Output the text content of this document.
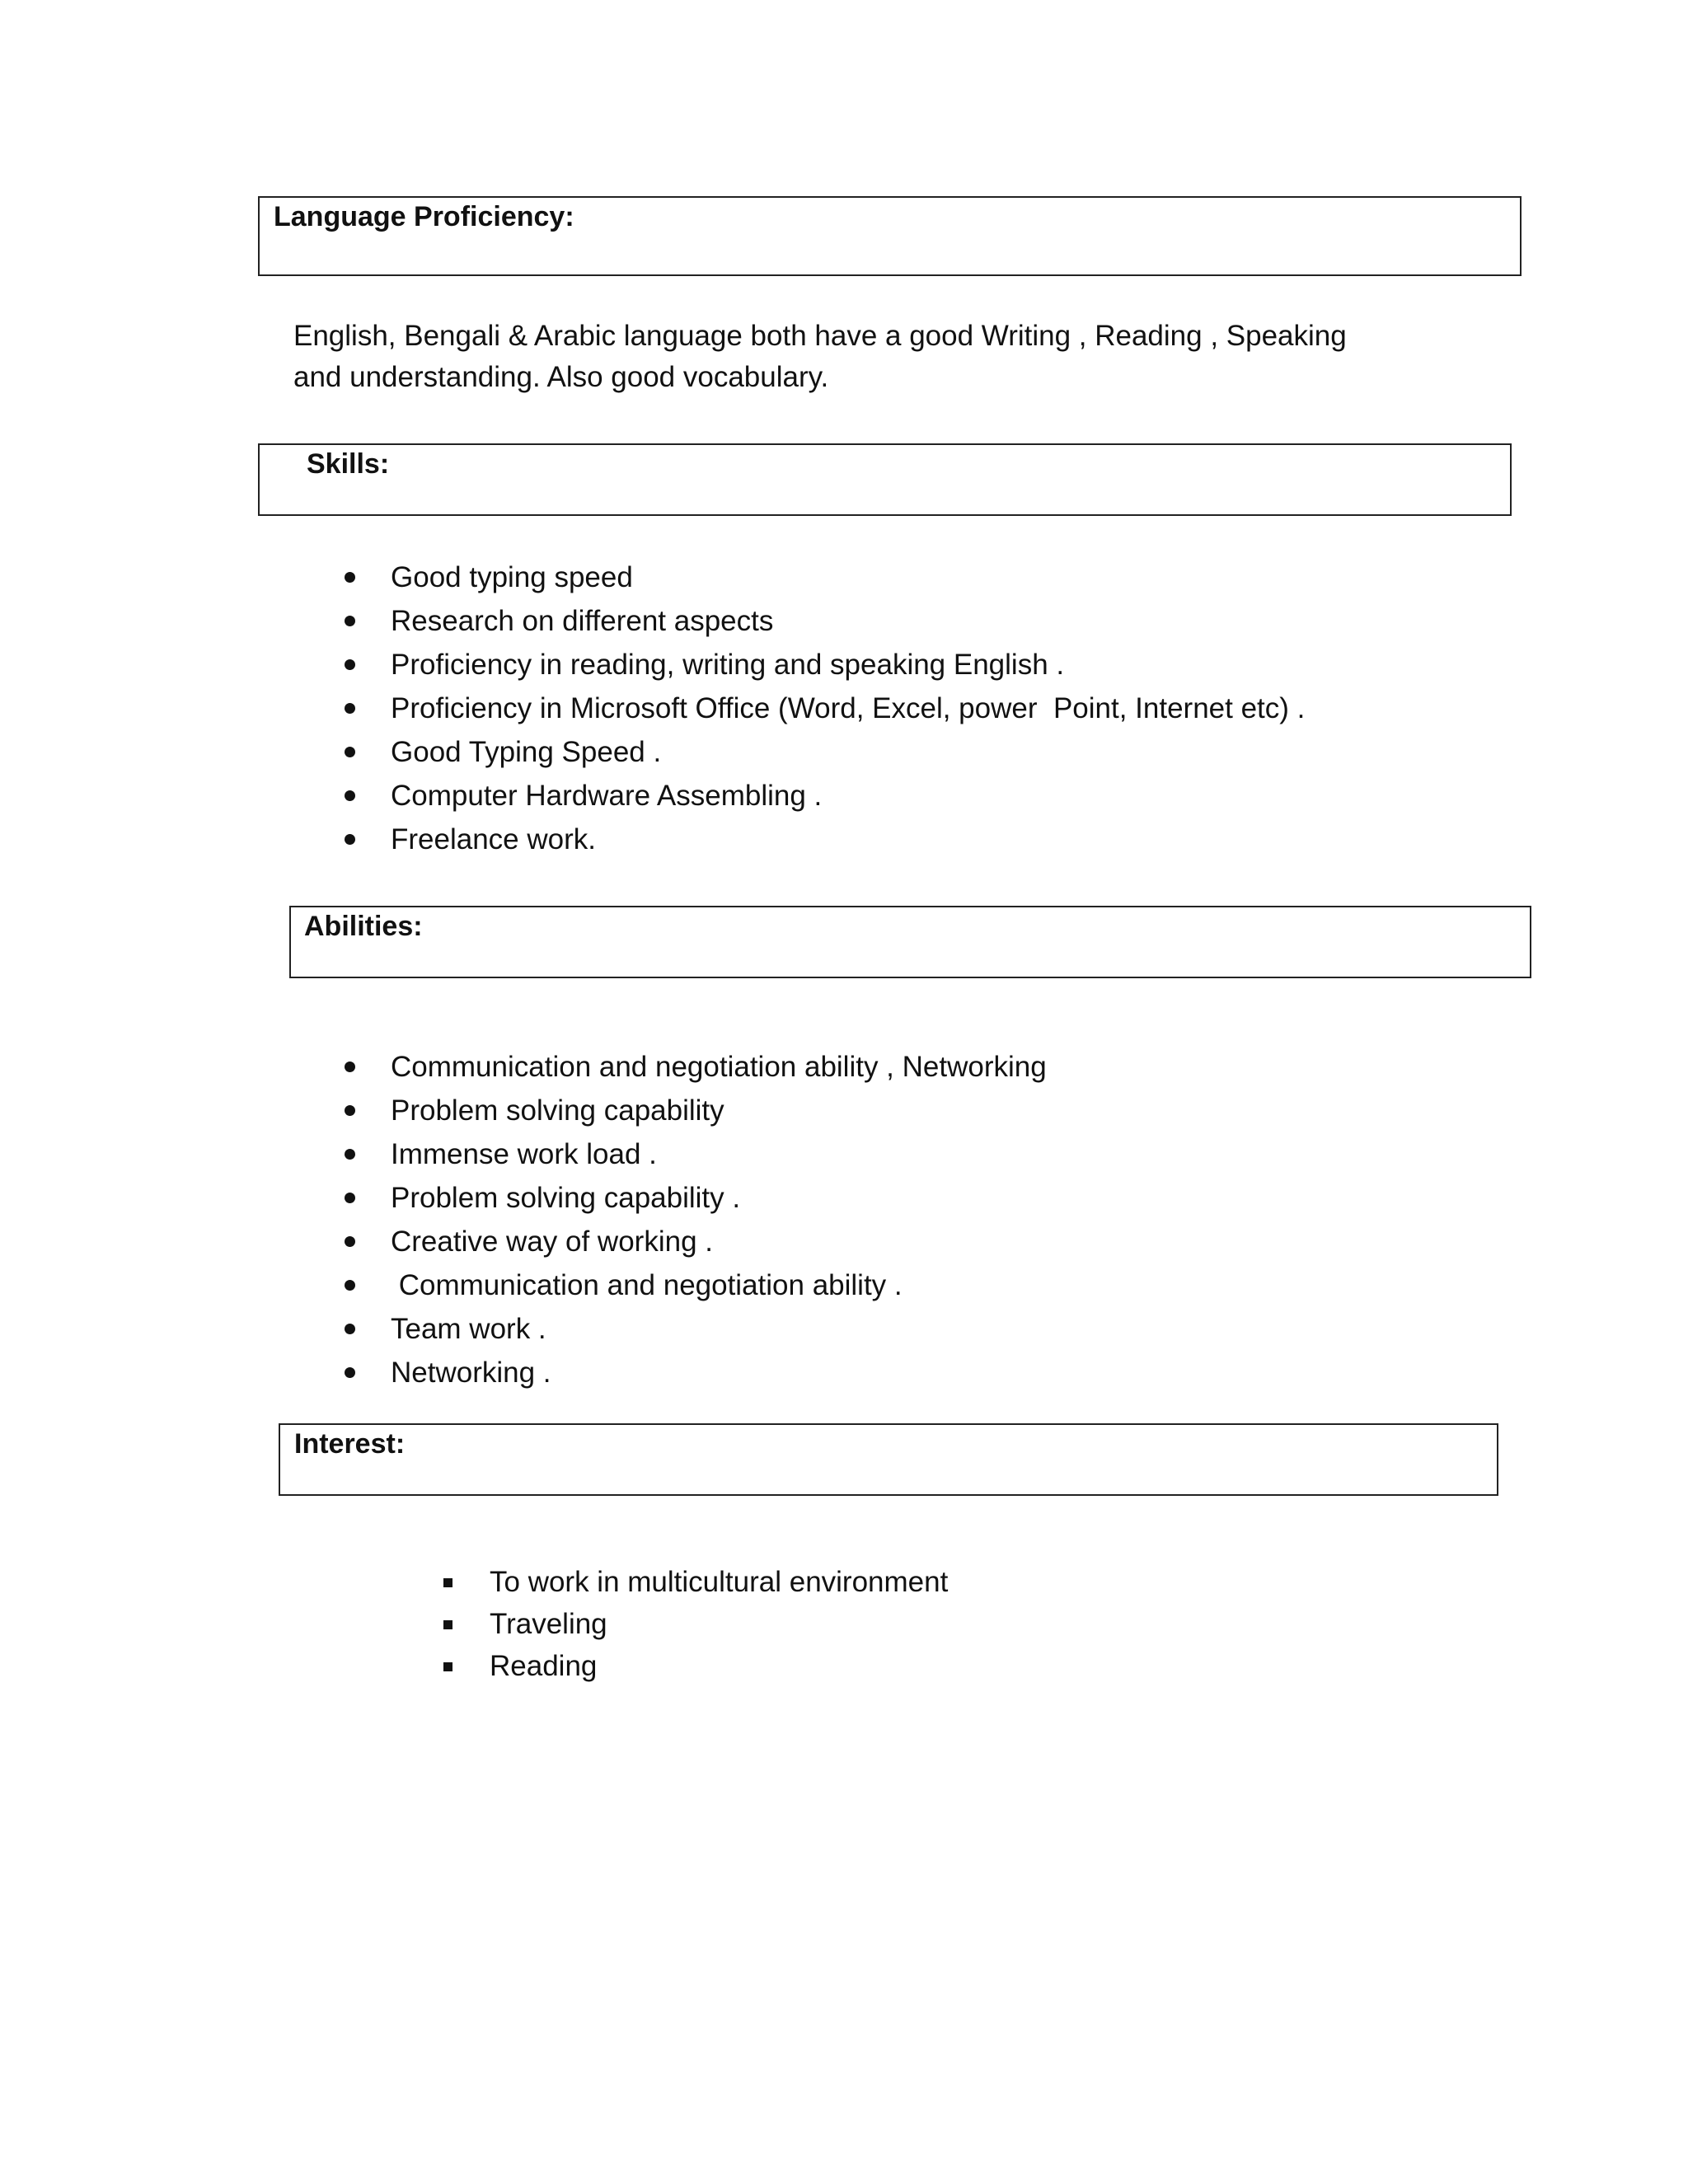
Language Proficiency:
English, Bengali & Arabic language both have a good Writing , Reading , Speaking and understanding. Also good vocabulary.
Skills:
Good typing speed
Research on different aspects
Proficiency in reading, writing and speaking English .
Proficiency in Microsoft Office (Word, Excel, power  Point, Internet etc) .
Good Typing Speed .
Computer Hardware Assembling .
Freelance work.
Abilities:
Communication and negotiation ability , Networking
Problem solving capability
Immense work load .
Problem solving capability .
Creative way of working .
Communication and negotiation ability .
Team work .
Networking .
Interest:
To work in multicultural environment
Traveling
Reading
